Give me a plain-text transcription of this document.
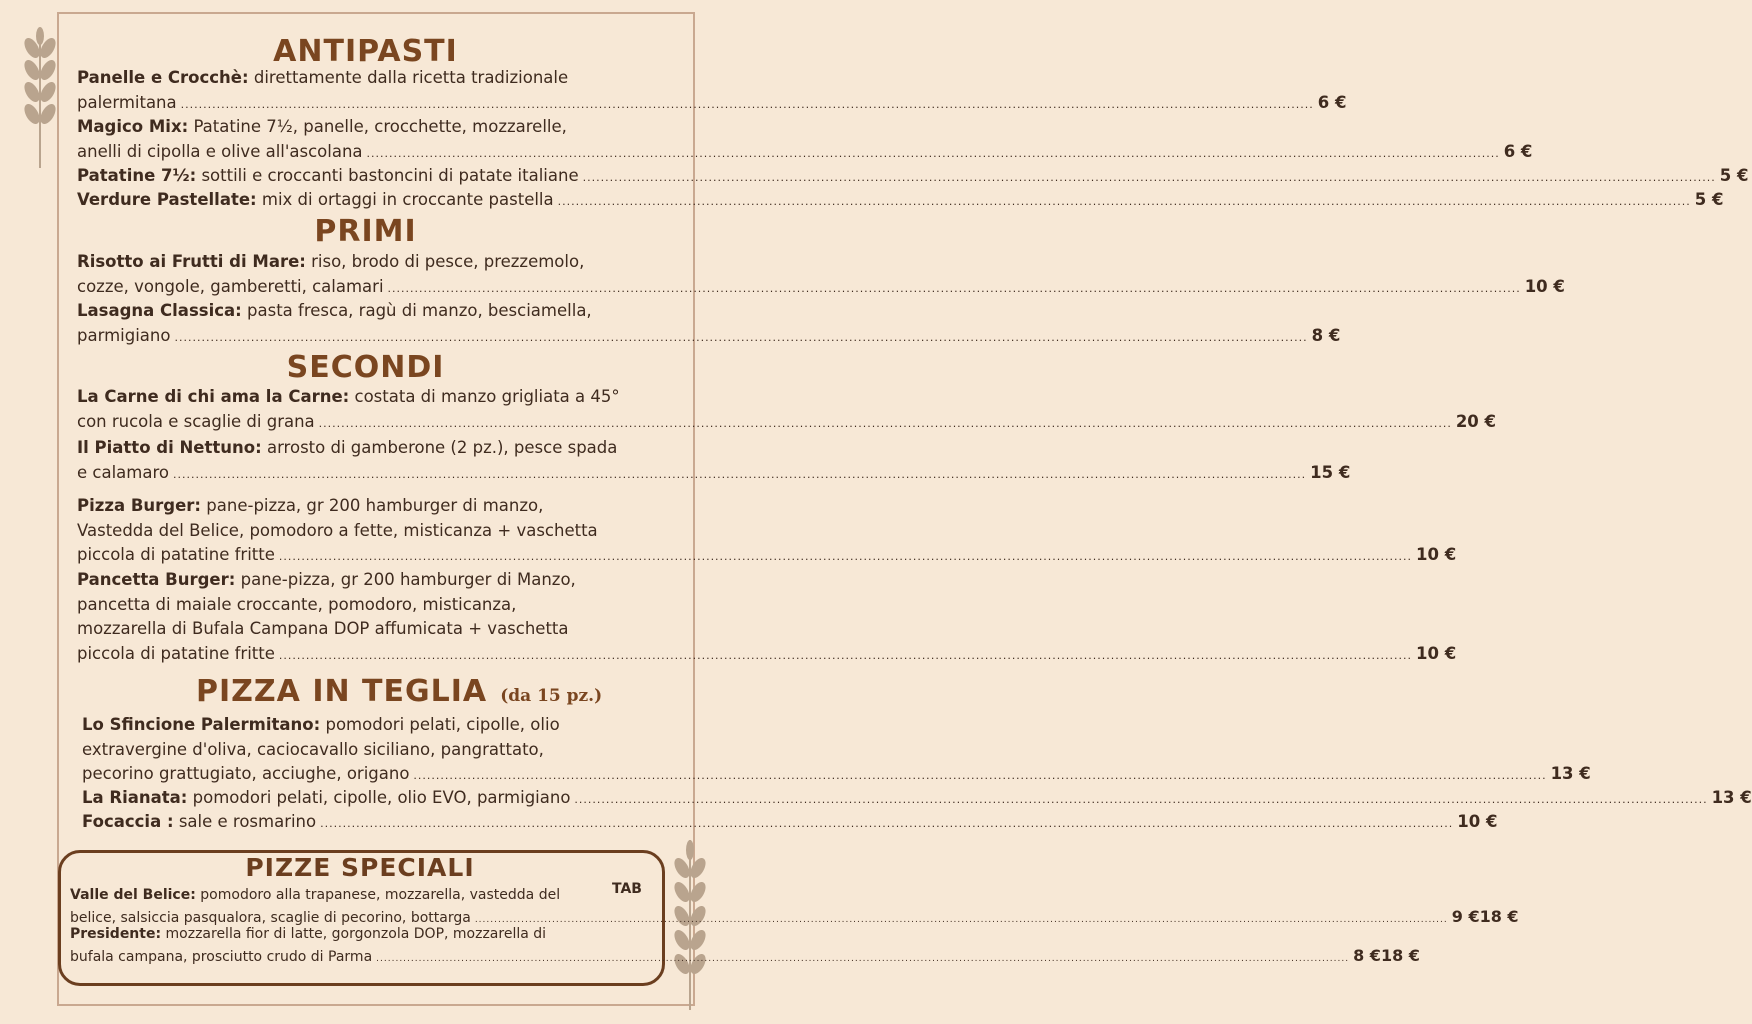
ANTIPASTI
Panelle e Crocchè: direttamente dalla ricetta tradizionale
palermitana ............................................................................................................................................................................................................................................................ 6 €
Magico Mix: Patatine 7½, panelle, crocchette, mozzarelle,
anelli di cipolla e olive all'ascolana ............................................................................................................................................................................................................................................................ 6 €
Patatine 7½: sottili e croccanti bastoncini di patate italiane ............................................................................................................................................................................................................................................................ 5 €
Verdure Pastellate: mix di ortaggi in croccante pastella ............................................................................................................................................................................................................................................................ 5 €
PRIMI
Risotto ai Frutti di Mare: riso, brodo di pesce, prezzemolo,
cozze, vongole, gamberetti, calamari ............................................................................................................................................................................................................................................................ 10 €
Lasagna Classica: pasta fresca, ragù di manzo, besciamella,
parmigiano ............................................................................................................................................................................................................................................................ 8 €
SECONDI
La Carne di chi ama la Carne: costata di manzo grigliata a 45°
con rucola e scaglie di grana ............................................................................................................................................................................................................................................................ 20 €
Il Piatto di Nettuno: arrosto di gamberone (2 pz.), pesce spada
e calamaro ............................................................................................................................................................................................................................................................ 15 €
Pizza Burger: pane-pizza, gr 200 hamburger di manzo,
Vastedda del Belice, pomodoro a fette, misticanza + vaschetta
piccola di patatine fritte ............................................................................................................................................................................................................................................................ 10 €
Pancetta Burger: pane-pizza, gr 200 hamburger di Manzo,
pancetta di maiale croccante, pomodoro, misticanza,
mozzarella di Bufala Campana DOP affumicata + vaschetta
piccola di patatine fritte ............................................................................................................................................................................................................................................................ 10 €
PIZZA IN TEGLIA (da 15 pz.)
Lo Sfincione Palermitano: pomodori pelati, cipolle, olio
extravergine d'oliva, caciocavallo siciliano, pangrattato,
pecorino grattugiato, acciughe, origano ............................................................................................................................................................................................................................................................ 13 €
La Rianata: pomodori pelati, cipolle, olio EVO, parmigiano ............................................................................................................................................................................................................................................................ 13 €
Focaccia : sale e rosmarino ............................................................................................................................................................................................................................................................ 10 €
PIZZE SPECIALI
TAB
Valle del Belice: pomodoro alla trapanese, mozzarella, vastedda del
belice, salsiccia pasqualora, scaglie di pecorino, bottarga ............................................................................................................................................................................................................................................................ 9 € 18 €
Presidente: mozzarella fior di latte, gorgonzola DOP, mozzarella di
bufala campana, prosciutto crudo di Parma ............................................................................................................................................................................................................................................................ 8 € 18 €
